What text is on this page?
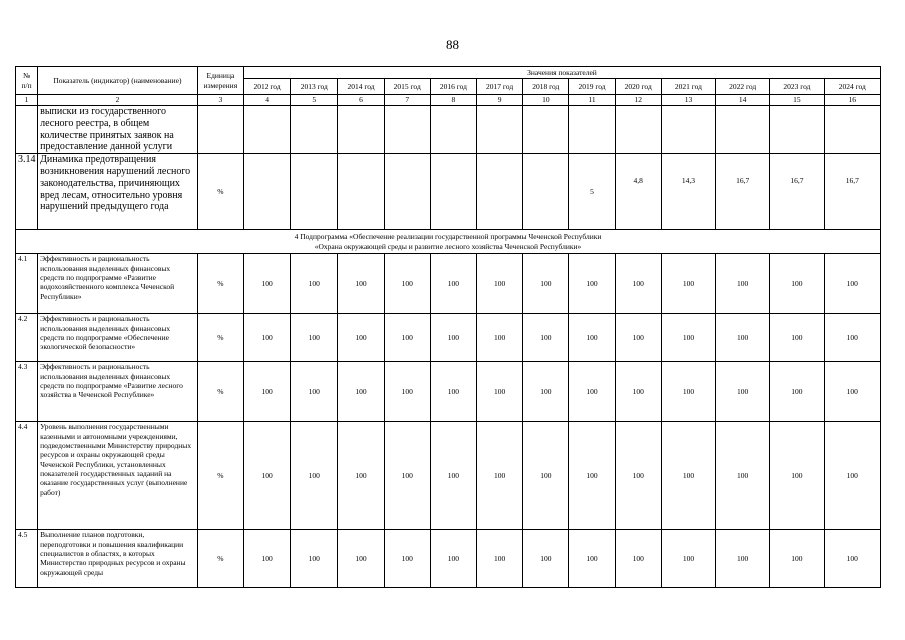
88
№
п/п	Показатель (индикатор) (наименование)	Единица измерения	Значения показателей												
			2012 год	2013 год	2014 год	2015 год	2016 год	2017 год	2018 год	2019 год	2020 год	2021 год	2022 год	2023 год	2024 год
1	2	3	4	5	6	7	8	9	10	11	12	13	14	15	16
	выписки из государственного лесного реестра, в общем количестве принятых заявок на предоставление данной услуги														
3.14	Динамика предотвращения возникновения нарушений лесного законодательства, причиняющих вред лесам, относительно уровня нарушений предыдущего года	%								5	4,8	14,3	16,7	16,7	16,7

4 Подпрограмма «Обеспечение реализации государственной программы Чеченской Республики
«Охрана окружающей среды и развитие лесного хозяйства Чеченской Республики»															

4.1	Эффективность и рациональность использования выделенных финансовых средств по подпрограмме «Развитие водохозяйственного комплекса Чеченской Республики»	%	100	100	100	100	100	100	100	100	100	100	100	100	100
4.2	Эффективность и рациональность использования выделенных финансовых средств по подпрограмме «Обеспечение экологической безопасности»	%	100	100	100	100	100	100	100	100	100	100	100	100	100
4.3	Эффективность и рациональность использования выделенных финансовых средств по подпрограмме «Развитие лесного хозяйства в Чеченской Республике»	%	100	100	100	100	100	100	100	100	100	100	100	100	100
4.4	Уровень выполнения государственными казенными и автономными учреждениями, подведомственными Министерству природных ресурсов и охраны окружающей среды Чеченской Республики, установленных показателей государственных заданий на оказание государственных услуг (выполнение работ)	%	100	100	100	100	100	100	100	100	100	100	100	100	100
4.5	Выполнение планов подготовки, переподготовки и повышения квалификации специалистов в областях, в которых Министерство природных ресурсов и охраны окружающей среды	%	100	100	100	100	100	100	100	100	100	100	100	100	100
